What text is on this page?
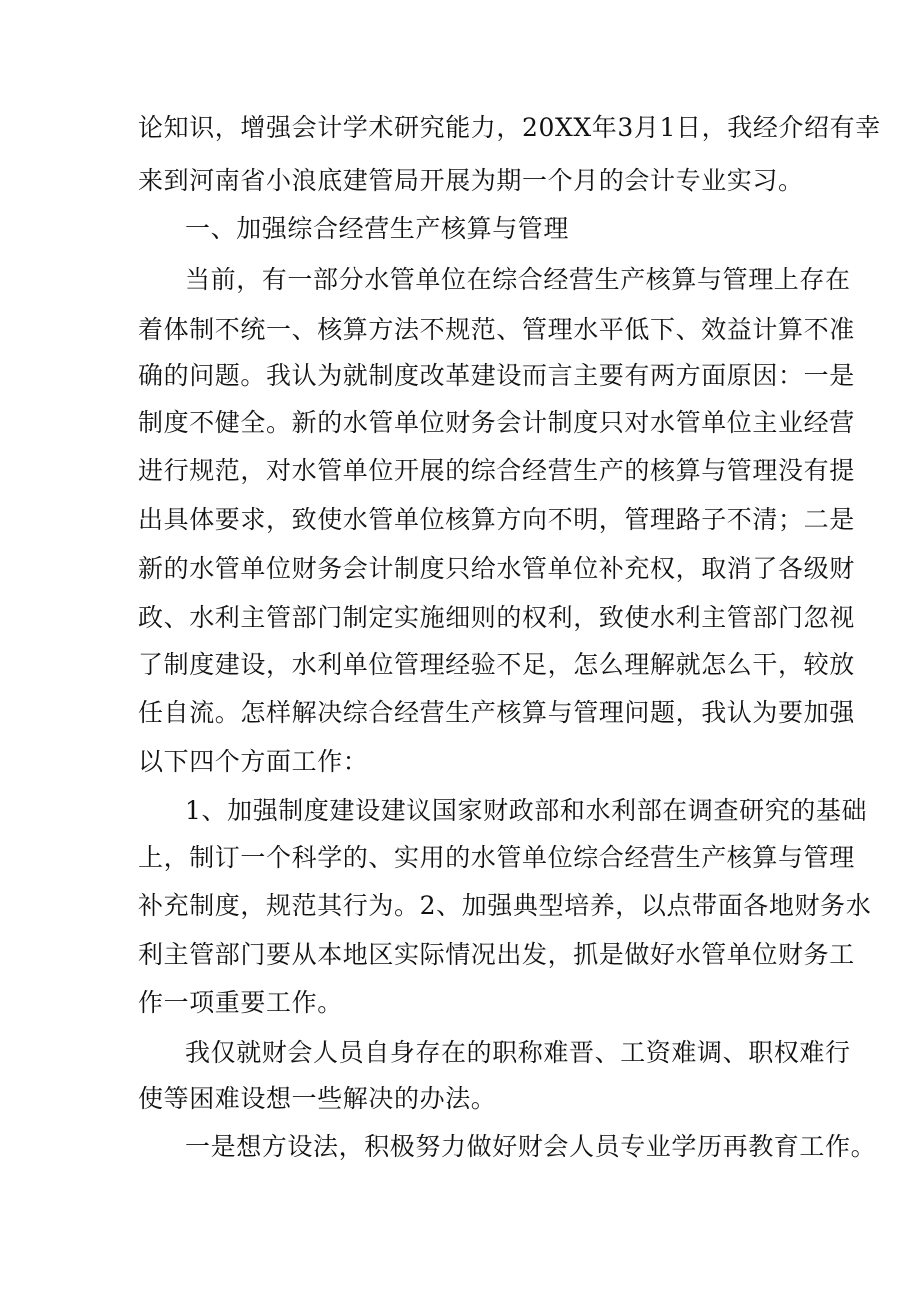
论知识，增强会计学术研究能力，20XX年3月1日，我经介绍有幸
来到河南省小浪底建管局开展为期一个月的会计专业实习。
一、加强综合经营生产核算与管理
当前，有一部分水管单位在综合经营生产核算与管理上存在
着体制不统一、核算方法不规范、管理水平低下、效益计算不准
确的问题。我认为就制度改革建设而言主要有两方面原因：一是
制度不健全。新的水管单位财务会计制度只对水管单位主业经营
进行规范，对水管单位开展的综合经营生产的核算与管理没有提
出具体要求，致使水管单位核算方向不明，管理路子不清；二是
新的水管单位财务会计制度只给水管单位补充权，取消了各级财
政、水利主管部门制定实施细则的权利，致使水利主管部门忽视
了制度建设，水利单位管理经验不足，怎么理解就怎么干，较放
任自流。怎样解决综合经营生产核算与管理问题，我认为要加强
以下四个方面工作：
1、加强制度建设建议国家财政部和水利部在调查研究的基础
上，制订一个科学的、实用的水管单位综合经营生产核算与管理
补充制度，规范其行为。2、加强典型培养，以点带面各地财务水
利主管部门要从本地区实际情况出发，抓是做好水管单位财务工
作一项重要工作。
我仅就财会人员自身存在的职称难晋、工资难调、职权难行
使等困难设想一些解决的办法。
一是想方设法，积极努力做好财会人员专业学历再教育工作。
